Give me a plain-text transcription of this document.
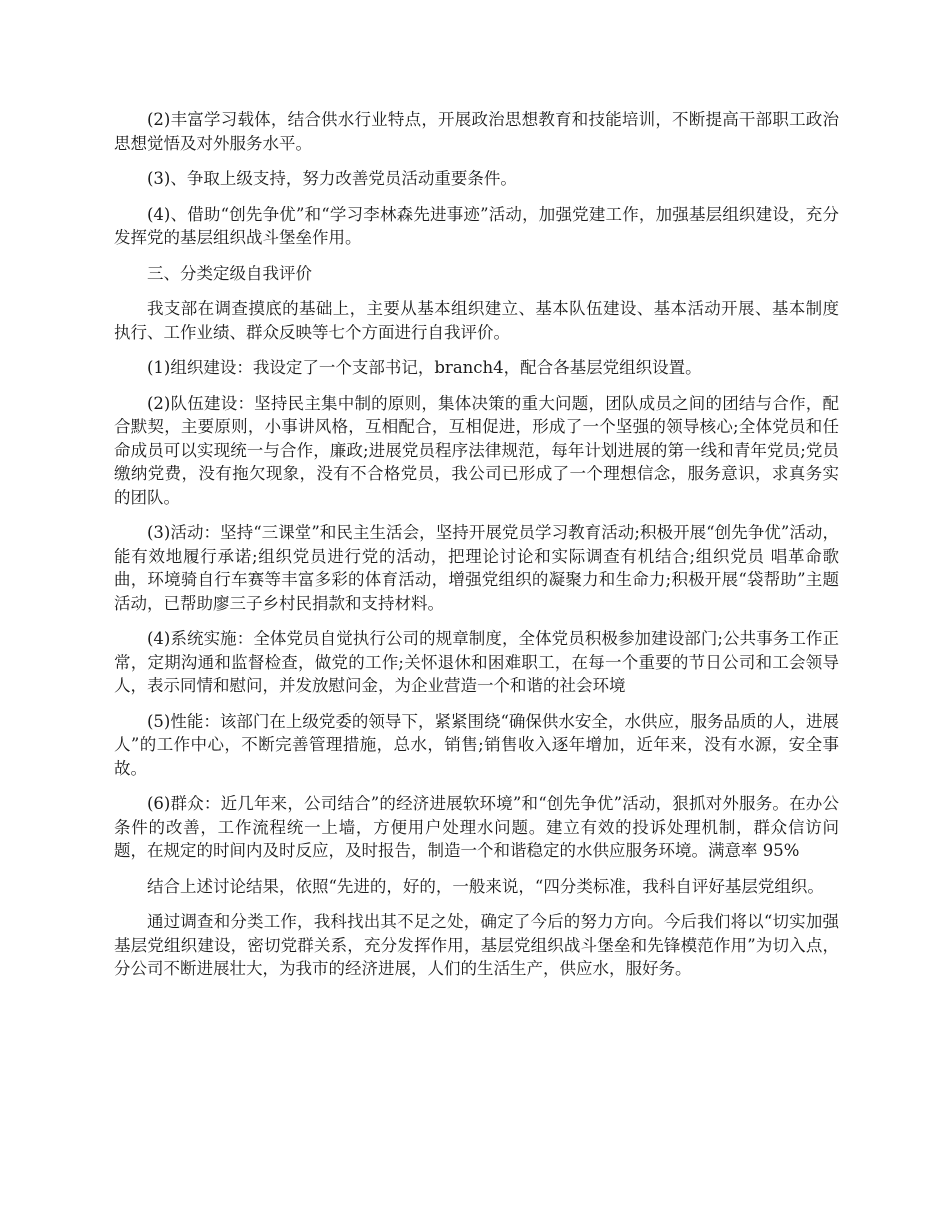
(2)丰富学习载体，结合供水行业特点，开展政治思想教育和技能培训，不断提高干部职工政治思想觉悟及对外服务水平。

(3)、争取上级支持，努力改善党员活动重要条件。

(4)、借助“创先争优”和“学习李林森先进事迹”活动，加强党建工作，加强基层组织建设，充分发挥党的基层组织战斗堡垒作用。

三、分类定级自我评价

我支部在调查摸底的基础上，主要从基本组织建立、基本队伍建设、基本活动开展、基本制度执行、工作业绩、群众反映等七个方面进行自我评价。

(1)组织建设：我设定了一个支部书记，branch4，配合各基层党组织设置。

(2)队伍建设：坚持民主集中制的原则，集体决策的重大问题，团队成员之间的团结与合作，配合默契，主要原则，小事讲风格，互相配合，互相促进，形成了一个坚强的领导核心;全体党员和任命成员可以实现统一与合作，廉政;进展党员程序法律规范，每年计划进展的第一线和青年党员;党员缴纳党费，没有拖欠现象，没有不合格党员，我公司已形成了一个理想信念，服务意识，求真务实的团队。

(3)活动：坚持“三课堂”和民主生活会，坚持开展党员学习教育活动;积极开展“创先争优”活动，能有效地履行承诺;组织党员进行党的活动，把理论讨论和实际调查有机结合;组织党员 唱革命歌曲，环境骑自行车赛等丰富多彩的体育活动，增强党组织的凝聚力和生命力;积极开展“袋帮助”主题活动，已帮助廖三子乡村民捐款和支持材料。

(4)系统实施：全体党员自觉执行公司的规章制度，全体党员积极参加建设部门;公共事务工作正常，定期沟通和监督检查，做党的工作;关怀退休和困难职工，在每一个重要的节日公司和工会领导人，表示同情和慰问，并发放慰问金，为企业营造一个和谐的社会环境

(5)性能：该部门在上级党委的领导下，紧紧围绕“确保供水安全，水供应，服务品质的人，进展人”的工作中心，不断完善管理措施，总水，销售;销售收入逐年增加，近年来，没有水源，安全事故。

(6)群众：近几年来，公司结合”的经济进展软环境”和“创先争优”活动，狠抓对外服务。在办公条件的改善，工作流程统一上墙，方便用户处理水问题。建立有效的投诉处理机制，群众信访问题，在规定的时间内及时反应，及时报告，制造一个和谐稳定的水供应服务环境。满意率 95%

结合上述讨论结果，依照“先进的，好的，一般来说，“四分类标准，我科自评好基层党组织。

通过调查和分类工作，我科找出其不足之处，确定了今后的努力方向。今后我们将以“切实加强基层党组织建设，密切党群关系，充分发挥作用，基层党组织战斗堡垒和先锋模范作用”为切入点，分公司不断进展壮大，为我市的经济进展，人们的生活生产，供应水，服好务。
